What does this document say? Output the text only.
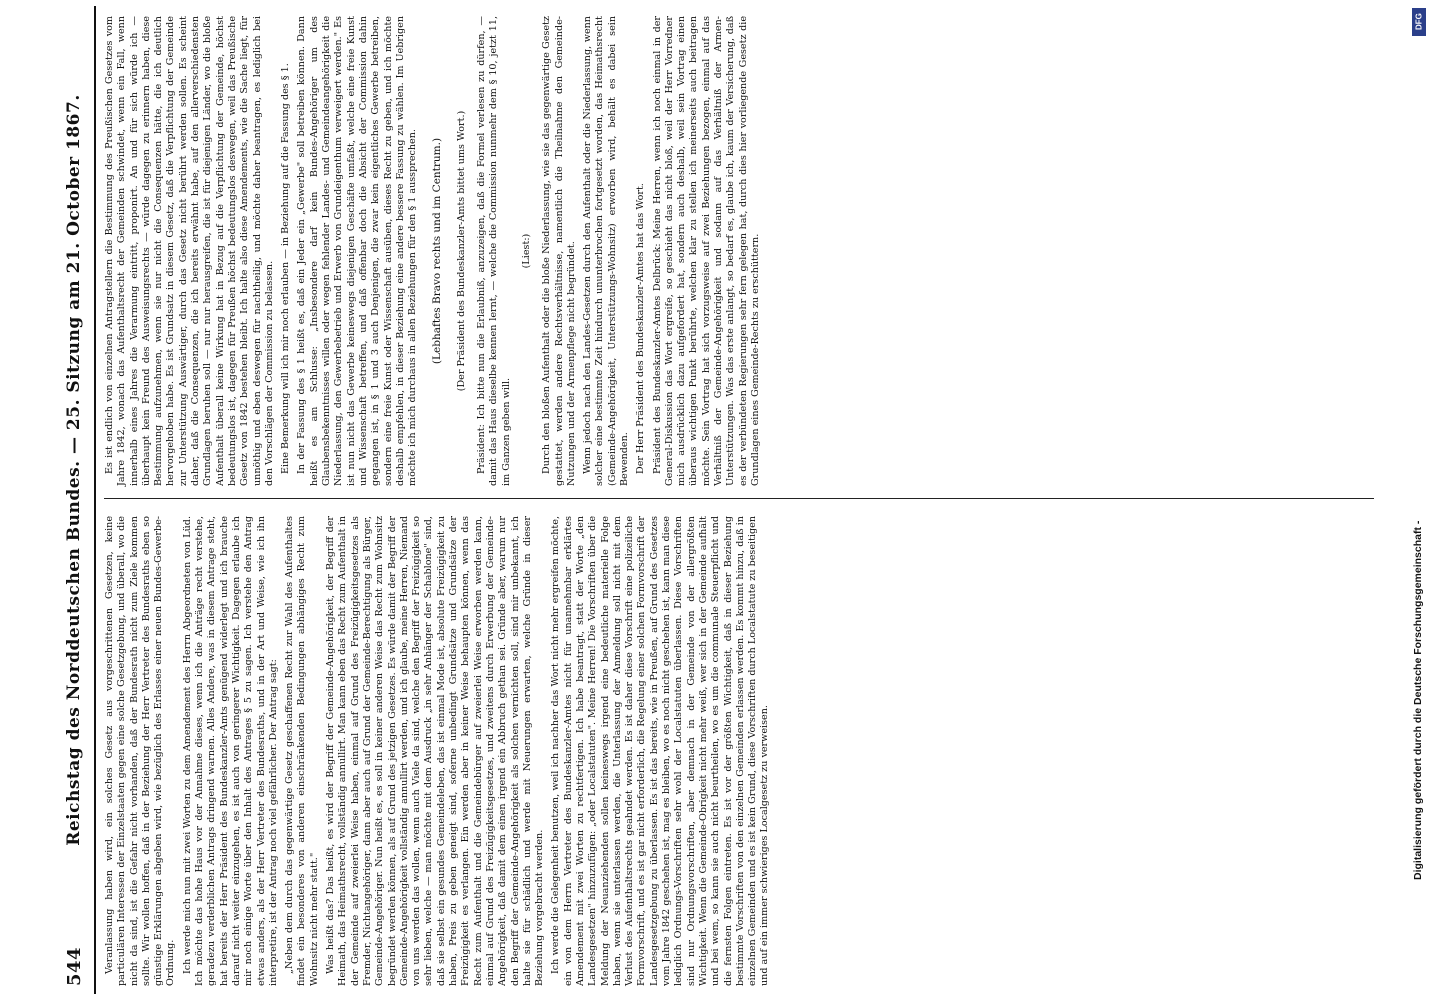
544
Reichstag des Norddeutschen Bundes. — 25. Sitzung am 21. October 1867. Veranlassung haben wird, ein solches Gesetz aus vorgeschrittenen Gesetzen, keine particulären Interessen der Einzelstaaten gegen eine solche Gesetzgebung, und überall, wo die nicht da sind, ist die Gefahr nicht vorhanden, daß der Bundesrath nicht zum Ziele kommen sollte. Wir wollen hoffen, daß in der Beziehung der Herr Vertreter des Bundesraths eben so günstige Erklärungen abgeben wird, wie bezüglich des Erlasses einer neuen Bundes-Gewerbe-Ordnung. Ich werde mich nun mit zwei Worten zu dem Amendement des Herrn Abgeordneten von Lüd. Ich möchte das hohe Haus vor der Annahme dieses, wenn ich die Anträge recht verstehe, geradezu verderblichen Antrags dringend warnen. Alles Andere, was in diesem Antrage steht, hat bereits der Herr Präsident des Bundeskanzler-Amts genügend widerlegt und ich brauche darauf nicht weiter einzugehen, es ist auch von geringerer Wichtigkeit. Dagegen erlaube ich mir noch einige Worte über den Inhalt des Antrages § 5 zu sagen. Ich verstehe den Antrag etwas anders, als der Herr Vertreter des Bundesraths, und in der Art und Weise, wie ich ihn interpretire, ist der Antrag noch viel gefährlicher. Der Antrag sagt: „Neben dem durch das gegenwärtige Gesetz geschaffenen Recht zur Wahl des Aufenthaltes findet ein besonderes von anderen einschränkenden Bedingungen abhängiges Recht zum Wohnsitz nicht mehr statt." Was heißt das? Das heißt, es wird der Begriff der Gemeinde-Angehörigkeit, der Begriff der Heimath, das Heimathsrecht, vollständig annullirt. Man kann eben das Recht zum Aufenthalt in der Gemeinde auf zweierlei Weise haben, einmal auf Grund des Freizügigkeitsgesetzes als Fremder, Nichtangehöriger, dann aber auch auf Grund der Gemeinde-Berechtigung als Bürger, Gemeinde-Angehöriger. Nun heißt es, es soll in keiner anderen Weise das Recht zum Wohnsitz begründet werden können, als auf Grund des jetzigen Gesetzes. Es würde damit der Begriff der Gemeinde-Angehörigkeit vollständig annullirt werden, und ich glaube, meine Herren, Niemand von uns werden das wollen, wenn auch Viele da sind, welche den Begriff der Freizügigkeit so sehr lieben, welche — man möchte mit dem Ausdruck „in sehr Anhänger der Schablone" sind, daß sie selbst ein gesundes Gemeindeleben, das ist einmal Mode ist, absolute Freizügigkeit zu haben, Preis zu geben geneigt sind, soferne unbedingt Grundsätze und Grundsätze der Freizügigkeit es verlangen. Ein werden aber in keiner Weise behaupten können, wenn das Recht zum Aufenthalt und die Gemeindebürger auf zweierlei Weise erworben werden kann, einmal auf Grund des Freizügigkeitsgesetzes, und zweitens durch Erwerbung der Gemeinde-Angehörigkeit, daß damit dem einen irgend ein Abbruch gethan sei. Gründe aber, warum nur den Begriff der Gemeinde-Angehörigkeit als solchen vernichten soll, sind mir unbekannt, ich halte sie für schädlich und werde mit Neuerungen erwarten, welche Gründe in dieser Beziehung vorgebracht werden. Ich werde die Gelegenheit benutzen, weil ich nachher das Wort nicht mehr ergreifen möchte, ein von dem Herrn Vertreter des Bundeskanzler-Amtes nicht für unannehmbar erklärtes Amendement mit zwei Worten zu rechtfertigen. Ich habe beantragt, statt der Worte „den Landesgesetzen" hinzuzufügen: „oder Localstatuten". Meine Herren! Die Vorschriften über die Meldung der Neuanziehenden sollen keineswegs irgend eine bedeutliche materielle Folge haben, wenn sie unterlassen werden, die Unterlassung der Anmeldung soll nicht mit dem Verlust des Aufenthaltsrechts geahndet werden. Es ist daher diese Vorschrift eine polizeiliche Formvorschrift, und es ist gar nicht erforderlich, die Regelung einer solchen Formvorschrift der Landesgesetzgebung zu überlassen. Es ist das bereits, wie in Preußen, auf Grund des Gesetzes vom Jahre 1842 geschehen ist, mag es bleiben, wo es noch nicht geschehen ist, kann man diese lediglich Ordnungs-Vorschriften sehr wohl der Localstatuten überlassen. Diese Vorschriften sind nur Ordnungsvorschriften, aber demnach in der Gemeinde von der allergrößten Wichtigkeit. Wenn die Gemeinde-Obrigkeit nicht mehr weiß, wer sich in der Gemeinde aufhält und bei wem, so kann sie auch nicht beurtheilen, wo es um die communale Steuerpflicht und die fernsten Folgen eintreten. Es ist vor der größten Wichtigkeit, daß in dieser Beziehung bestimmte Vorschriften von den einzelnen Gemeinden erlassen werden. Es kommt hinzu, daß in einzelnen Gemeinden und es ist kein Grund, diese Vorschriften durch Localstatute zu beseitigen und auf ein immer schwieriges Localgesetz zu verweisen.

Es ist endlich von einzelnen Antragstellern die Bestimmung des Preußischen Gesetzes vom Jahre 1842, wonach das Aufenthaltsrecht der Gemeinden schwindet, wenn ein Fall, wenn innerhalb eines Jahres die Verarmung eintritt, proponirt. An und für sich würde ich — überhaupt kein Freund des Ausweisungsrechts — würde dagegen zu erinnern haben, diese Bestimmung aufzunehmen, wenn sie nur nicht die Consequenzen hätte, die ich deutlich hervorgehoben habe. Es ist Grundsatz in diesem Gesetz, daß die Verpflichtung der Gemeinde zur Unterstützung Auswärtiger, durch das Gesetz nicht berührt werden sollen. Es scheint daher, daß die Consequenzen, die ich bereits erwähnt habe, auf den allerverschiedensten Grundlagen beruhen soll — nur nur herausgreifen, die ist für diejenigen Länder, wo die bloße Aufenthalt überall keine Wirkung hat in Bezug auf die Verpflichtung der Gemeinde, höchst bedeutungslos ist, dagegen für Preußen höchst bedeutungslos deswegen, weil das Preußische Gesetz von 1842 bestehen bleibt. Ich halte also diese Amendements, wie die Sache liegt, für unnöthig und eben deswegen für nachtheilig, und möchte daher beantragen, es lediglich bei den Vorschlägen der Commission zu belassen. Eine Bemerkung will ich mir noch erlauben — in Beziehung auf die Fassung des § 1. In der Fassung des § 1 heißt es, daß ein Jeder ein „Gewerbe" soll betreiben können. Dann heißt es am Schlusse: „Insbesondere darf kein Bundes-Angehöriger um des Glaubensbekenntnisses willen oder wegen fehlender Landes- und Gemeindeangehörigkeit die Niederlassung, den Gewerbebetrieb und Erwerb von Grundeigenthum verweigert werden." Es ist nun nicht das Gewerbe keineswegs diejenigen Geschäfte umfaßt, welche eine freie Kunst und Wissenschaft betreffen, und daß offenbar doch die Absicht der Commission dahin gegangen ist, in § 1 und 3 auch Denjenigen, die zwar kein eigentliches Gewerbe betreiben, sondern eine freie Kunst oder Wissenschaft ausüben, dieses Recht zu geben, und ich möchte deshalb empfehlen, in dieser Beziehung eine andere bessere Fassung zu wählen. Im Uebrigen möchte ich mich durchaus in allen Beziehungen für den § 1 aussprechen. (Lebhaftes Bravo rechts und im Centrum.) (Der Präsident des Bundeskanzler-Amts bittet ums Wort.) Präsident: Ich bitte nun die Erlaubniß, anzuzeigen, daß die Formel verlesen zu dürfen, — damit das Haus dieselbe kennen lernt, — welche die Commission nunmehr dem § 10, jetzt 11, im Ganzen geben will.

(Liest:) Durch den bloßen Aufenthalt oder die bloße Niederlassung, wie sie das gegenwärtige Gesetz gestattet, werden andere Rechtsverhältnisse, namentlich die Theilnahme den Gemeinde-Nutzungen und der Armenpflege nicht begründet. Wenn jedoch nach den Landes-Gesetzen durch den Aufenthalt oder die Niederlassung, wenn solcher eine bestimmte Zeit hindurch ununterbrochen fortgesetzt worden, das Heimathsrecht (Gemeinde-Angehörigkeit, Unterstützungs-Wohnsitz) erworben wird, behält es dabei sein Bewenden. Der Herr Präsident des Bundeskanzler-Amtes hat das Wort. Präsident des Bundeskanzler-Amtes Delbrück: Meine Herren, wenn ich noch einmal in der General-Diskussion das Wort ergreife, so geschieht das nicht bloß, weil der Herr Vorredner mich ausdrücklich dazu aufgefordert hat, sondern auch deshalb, weil sein Vortrag einen überaus wichtigen Punkt berührte, welchen klar zu stellen ich meinerseits auch beitragen möchte. Sein Vortrag hat sich vorzugsweise auf zwei Beziehungen bezogen, einmal auf das Verhältniß der Gemeinde-Angehörigkeit und sodann auf das Verhältniß der Armen-Unterstützungen. Was das erste anlangt, so bedarf es, glaube ich, kaum der Versicherung, daß es der verbündeten Regierungen sehr fern gelegen hat, durch dies hier vorliegende Gesetz die Grundlagen eines Gemeinde-Rechts zu erschüttern.

DFG
Digitalisierung gefördert durch die Deutsche Forschungsgemeinschaft -
